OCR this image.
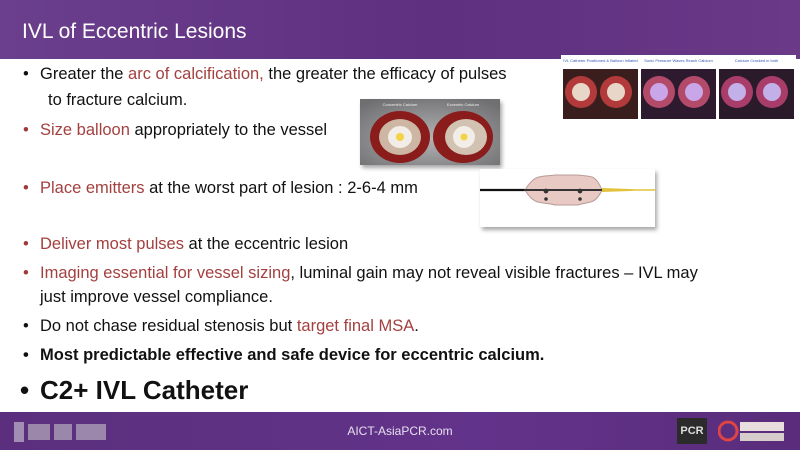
IVL of Eccentric Lesions
• Greater the arc of calcification, the greater the efficacy of pulses
to fracture calcium.
• Size balloon appropriately to the vessel
• Place emitters at the worst part of lesion : 2-6-4 mm
• Deliver most pulses at the eccentric lesion
• Imaging essential for vessel sizing, luminal gain may not reveal visible fractures – IVL may
just improve vessel compliance.
• Do not chase residual stenosis but target final MSA.
• Most predictable effective and safe device for eccentric calcium.
• C2+ IVL Catheter
IVL Catheter Positioned & Balloon Inflated Sonic Pressure Waves Reach Calcium	Calcium Cracked in both
Concentric Calcium	Eccentric Calcium
AICT-AsiaPCR.com	PCR
